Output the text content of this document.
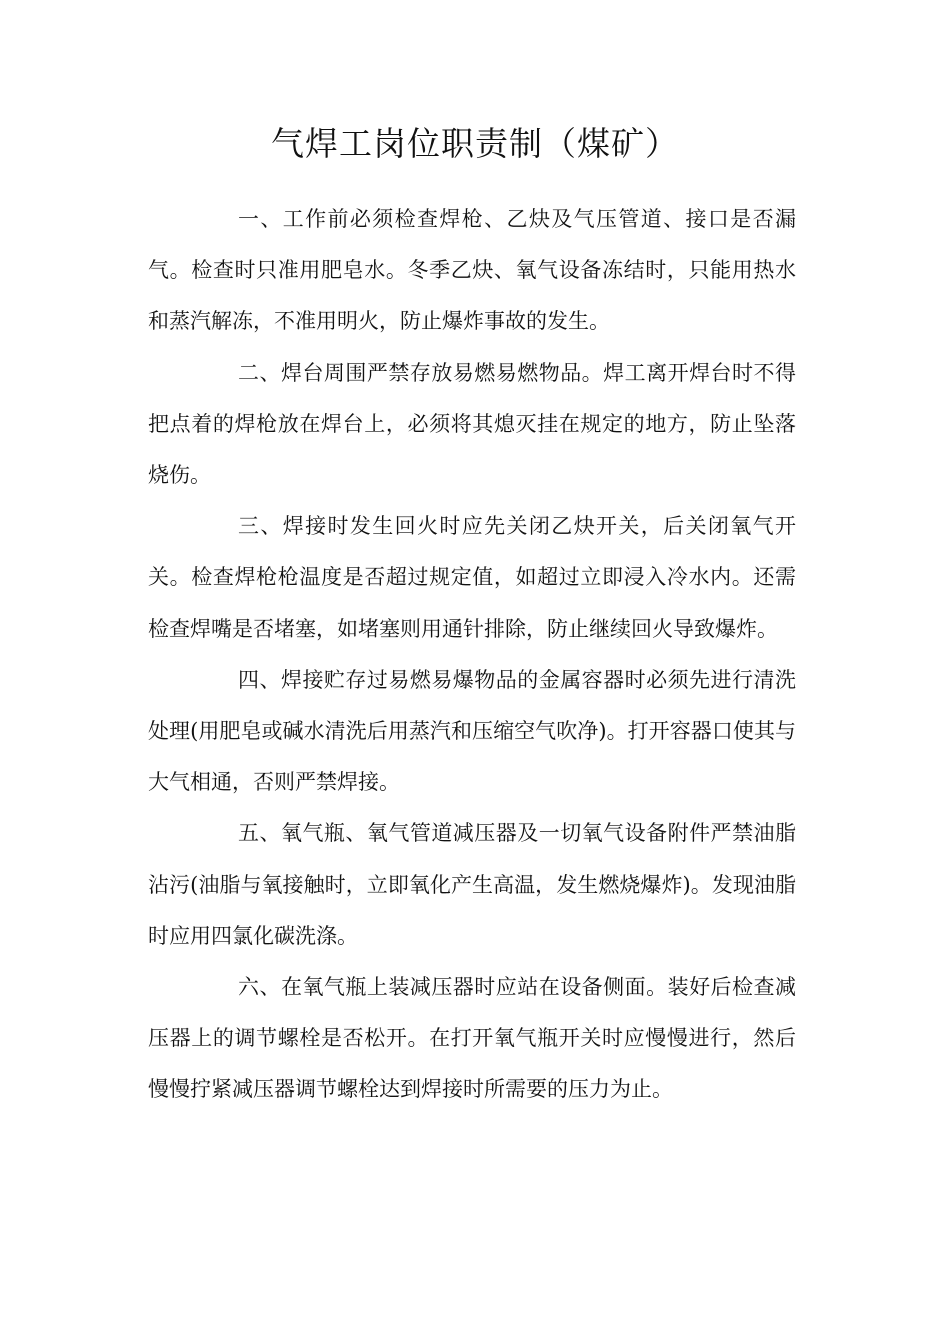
气焊工岗位职责制（煤矿）

一、工作前必须检查焊枪、乙炔及气压管道、接口是否漏气。检查时只准用肥皂水。冬季乙炔、氧气设备冻结时，只能用热水和蒸汽解冻，不准用明火，防止爆炸事故的发生。

二、焊台周围严禁存放易燃易燃物品。焊工离开焊台时不得把点着的焊枪放在焊台上，必须将其熄灭挂在规定的地方，防止坠落烧伤。

三、焊接时发生回火时应先关闭乙炔开关，后关闭氧气开关。检查焊枪枪温度是否超过规定值，如超过立即浸入冷水内。还需检查焊嘴是否堵塞，如堵塞则用通针排除，防止继续回火导致爆炸。

四、焊接贮存过易燃易爆物品的金属容器时必须先进行清洗处理(用肥皂或碱水清洗后用蒸汽和压缩空气吹净)。打开容器口使其与大气相通，否则严禁焊接。

五、氧气瓶、氧气管道减压器及一切氧气设备附件严禁油脂沾污(油脂与氧接触时，立即氧化产生高温，发生燃烧爆炸)。发现油脂时应用四氯化碳洗涤。

六、在氧气瓶上装减压器时应站在设备侧面。装好后检查减压器上的调节螺栓是否松开。在打开氧气瓶开关时应慢慢进行，然后慢慢拧紧减压器调节螺栓达到焊接时所需要的压力为止。
